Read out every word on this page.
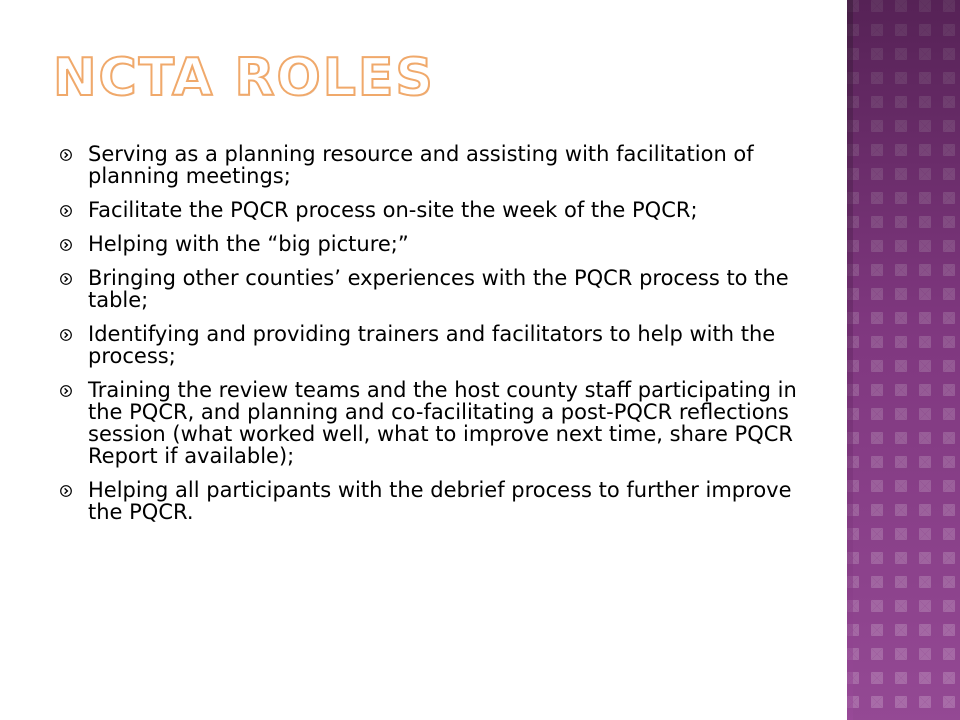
NCTA ROLES
Serving as a planning resource and assisting with facilitation of planning meetings;
Facilitate the PQCR process on-site the week of the PQCR;
Helping with the “big picture;”
Bringing other counties’ experiences with the PQCR process to the table;
Identifying and providing trainers and facilitators to help with the process;
Training the review teams and the host county staff participating in the PQCR, and planning and co-facilitating a post-PQCR reflections session (what worked well, what to improve next time, share PQCR Report if available);
Helping all participants with the debrief process to further improve the PQCR.
